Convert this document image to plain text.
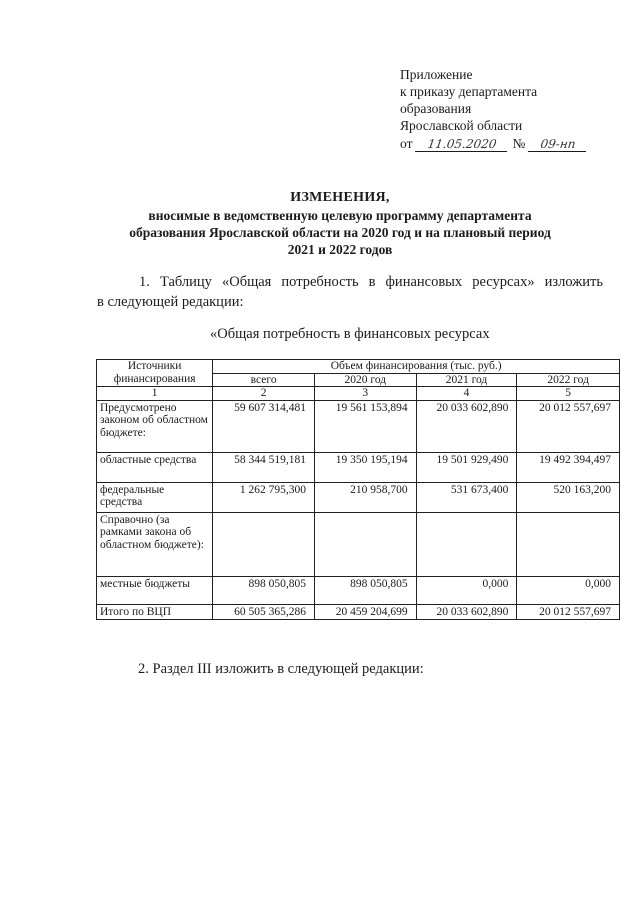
Приложение
к приказу департамента
образования
Ярославской области
от	11.05.2020	№	09-нп
ИЗМЕНЕНИЯ,
вносимые в ведомственную целевую программу департамента
образования Ярославской области на 2020 год и на плановый период
2021 и 2022 годов
1. Таблицу «Общая потребность в финансовых ресурсах» изложить
в следующей редакции:
«Общая потребность в финансовых ресурсах
Источники финансирования	Объем финансирования (тыс. руб.)			
	всего	2020 год	2021 год	2022 год
1	2	3	4	5
Предусмотрено законом об областном бюджете:	59 607 314,481	19 561 153,894	20 033 602,890	20 012 557,697
областные средства	58 344 519,181	19 350 195,194	19 501 929,490	19 492 394,497
федеральные средства	1 262 795,300	210 958,700	531 673,400	520 163,200
Справочно (за рамками закона об областном бюджете):				
местные бюджеты	898 050,805	898 050,805	0,000	0,000
Итого по ВЦП	60 505 365,286	20 459 204,699	20 033 602,890	20 012 557,697
2. Раздел III изложить в следующей редакции:
